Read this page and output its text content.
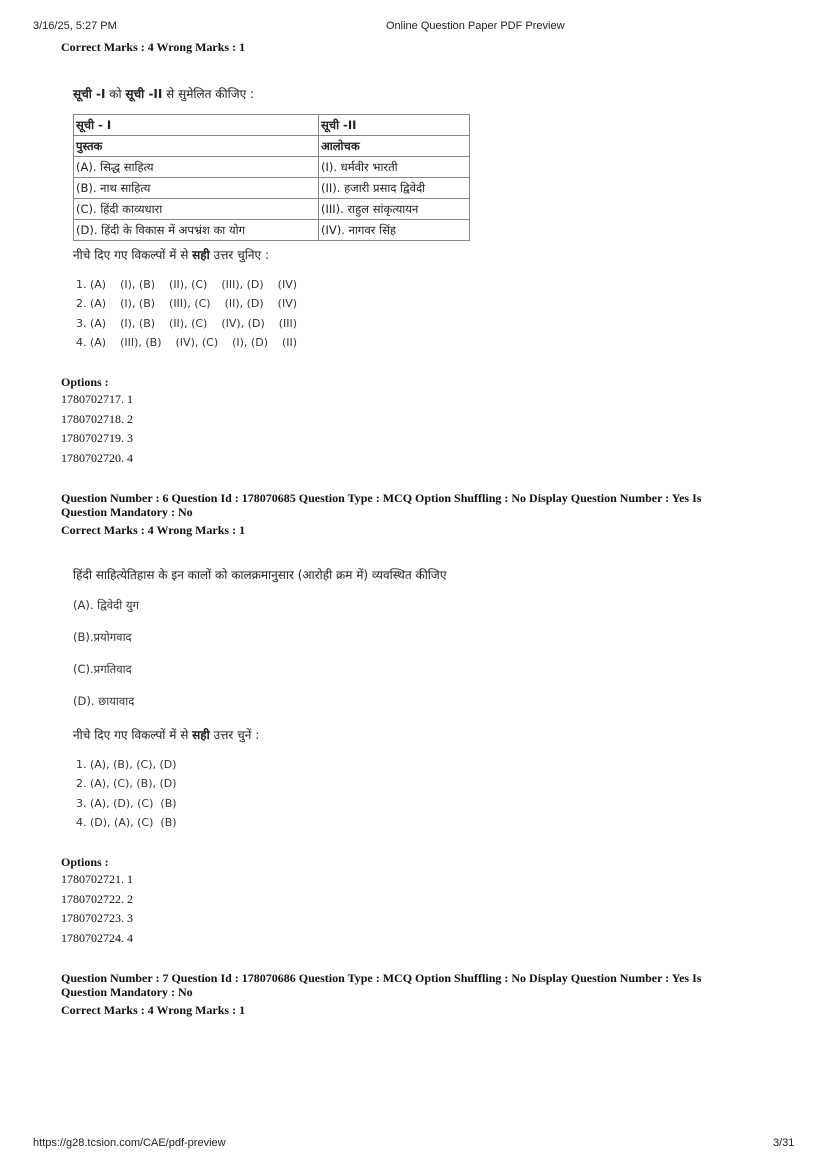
3/16/25, 5:27 PM	Online Question Paper PDF Preview
Correct Marks : 4 Wrong Marks : 1
सूची -I को सूची -II से सुमेलित कीजिए :
सूची - I	सूची -II
पुस्तक	आलोचक
(A). सिद्ध साहित्य	(I). धर्मवीर भारती
(B). नाथ साहित्य	(II). हजारी प्रसाद द्विवेदी
(C). हिंदी काव्यधारा	(III). राहुल सांकृत्यायन
(D). हिंदी के विकास में अपभ्रंश का योग	(IV). नागवर सिंह
नीचे दिए गए विकल्पों में से सही उत्तर चुनिए :
1. (A)    (I), (B)    (II), (C)    (III), (D)    (IV)
2. (A)    (I), (B)    (III), (C)    (II), (D)    (IV)
3. (A)    (I), (B)    (II), (C)    (IV), (D)    (III)
4. (A)    (III), (B)    (IV), (C)    (I), (D)    (II)
Options :
1780702717. 1
1780702718. 2
1780702719. 3
1780702720. 4
Question Number : 6 Question Id : 178070685 Question Type : MCQ Option Shuffling : No Display Question Number : Yes Is
Question Mandatory : No
Correct Marks : 4 Wrong Marks : 1
हिंदी साहित्येतिहास के इन कालों को कालक्रमानुसार (आरोही क्रम में) व्यवस्थित कीजिए
(A). द्विवेदी युग
(B).प्रयोगवाद
(C).प्रगतिवाद
(D). छायावाद
नीचे दिए गए विकल्पों में से सही उत्तर चुनें :
1. (A), (B), (C), (D)
2. (A), (C), (B), (D)
3. (A), (D), (C)  (B)
4. (D), (A), (C)  (B)
Options :
1780702721. 1
1780702722. 2
1780702723. 3
1780702724. 4
Question Number : 7 Question Id : 178070686 Question Type : MCQ Option Shuffling : No Display Question Number : Yes Is
Question Mandatory : No
Correct Marks : 4 Wrong Marks : 1
https://g28.tcsion.com/CAE/pdf-preview	3/31
